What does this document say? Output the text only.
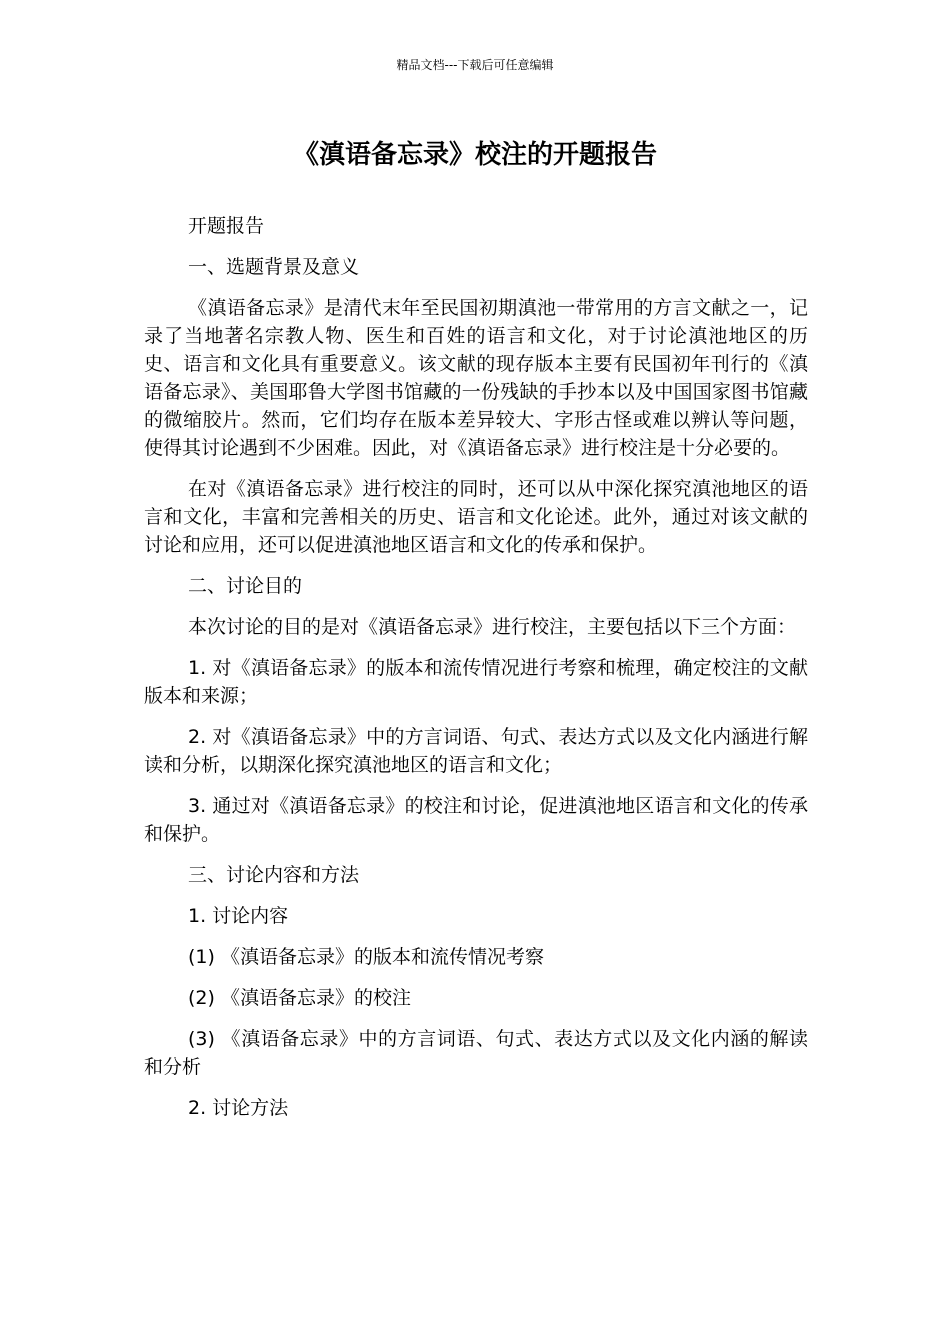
精品文档---下载后可任意编辑
《滇语备忘录》校注的开题报告

开题报告

一、选题背景及意义

《滇语备忘录》是清代末年至民国初期滇池一带常用的方言文献之一，记录了当地著名宗教人物、医生和百姓的语言和文化，对于讨论滇池地区的历史、语言和文化具有重要意义。该文献的现存版本主要有民国初年刊行的《滇语备忘录》、美国耶鲁大学图书馆藏的一份残缺的手抄本以及中国国家图书馆藏的微缩胶片。然而，它们均存在版本差异较大、字形古怪或难以辨认等问题，使得其讨论遇到不少困难。因此，对《滇语备忘录》进行校注是十分必要的。

在对《滇语备忘录》进行校注的同时，还可以从中深化探究滇池地区的语言和文化，丰富和完善相关的历史、语言和文化论述。此外，通过对该文献的讨论和应用，还可以促进滇池地区语言和文化的传承和保护。

二、讨论目的

本次讨论的目的是对《滇语备忘录》进行校注，主要包括以下三个方面：

1. 对《滇语备忘录》的版本和流传情况进行考察和梳理，确定校注的文献版本和来源；

2. 对《滇语备忘录》中的方言词语、句式、表达方式以及文化内涵进行解读和分析，以期深化探究滇池地区的语言和文化；

3. 通过对《滇语备忘录》的校注和讨论，促进滇池地区语言和文化的传承和保护。

三、讨论内容和方法

1. 讨论内容

(1) 《滇语备忘录》的版本和流传情况考察

(2) 《滇语备忘录》的校注

(3) 《滇语备忘录》中的方言词语、句式、表达方式以及文化内涵的解读和分析

2. 讨论方法
